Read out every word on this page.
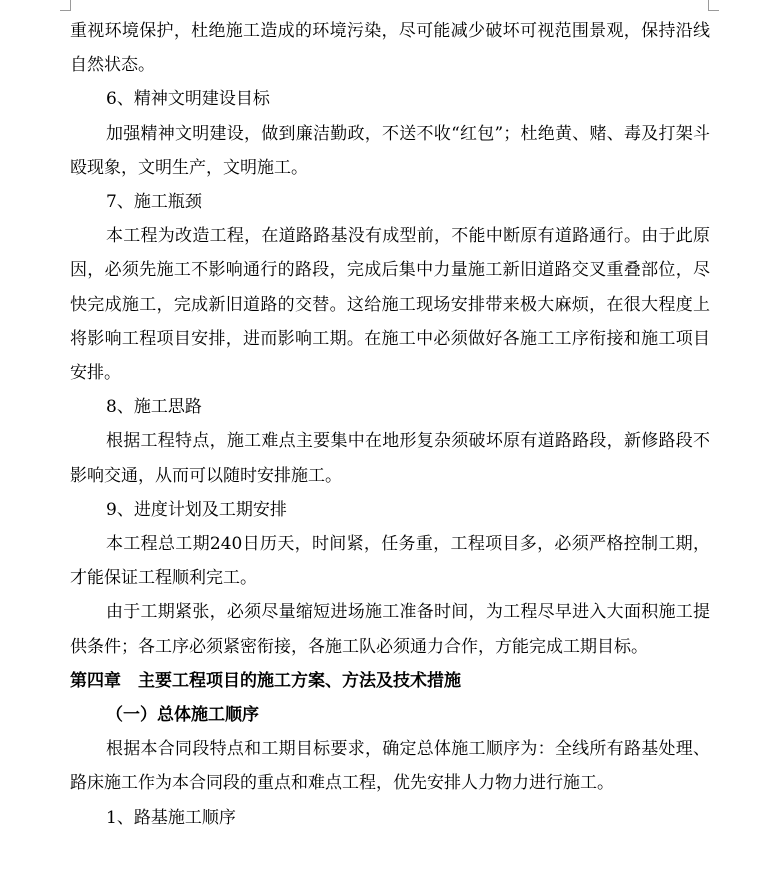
重视环境保护，杜绝施工造成的环境污染，尽可能减少破坏可视范围景观，保持沿线自然状态。

6、精神文明建设目标

加强精神文明建设，做到廉洁勤政，不送不收“红包”；杜绝黄、赌、毒及打架斗殴现象，文明生产，文明施工。

7、施工瓶颈

本工程为改造工程，在道路路基没有成型前，不能中断原有道路通行。由于此原因，必须先施工不影响通行的路段，完成后集中力量施工新旧道路交叉重叠部位，尽快完成施工，完成新旧道路的交替。这给施工现场安排带来极大麻烦，在很大程度上将影响工程项目安排，进而影响工期。在施工中必须做好各施工工序衔接和施工项目安排。

8、施工思路

根据工程特点，施工难点主要集中在地形复杂须破坏原有道路路段，新修路段不影响交通，从而可以随时安排施工。

9、进度计划及工期安排

本工程总工期240日历天，时间紧，任务重，工程项目多，必须严格控制工期，才能保证工程顺利完工。

由于工期紧张，必须尽量缩短进场施工准备时间，为工程尽早进入大面积施工提供条件；各工序必须紧密衔接，各施工队必须通力合作，方能完成工期目标。

第四章　主要工程项目的施工方案、方法及技术措施

（一）总体施工顺序

根据本合同段特点和工期目标要求，确定总体施工顺序为：全线所有路基处理、路床施工作为本合同段的重点和难点工程，优先安排人力物力进行施工。

1、路基施工顺序
